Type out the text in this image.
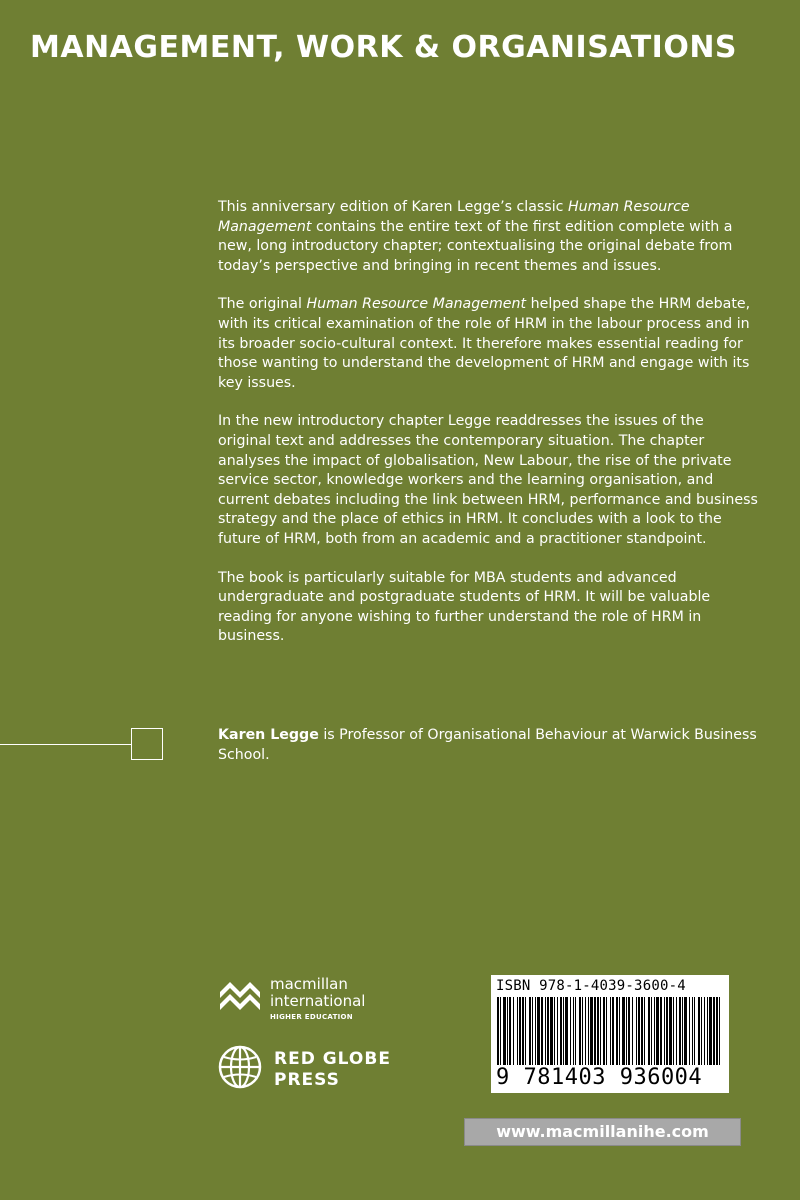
MANAGEMENT, WORK & ORGANISATIONS

This anniversary edition of Karen Legge’s classic Human Resource Management contains the entire text of the first edition complete with a new, long introductory chapter; contextualising the original debate from today’s perspective and bringing in recent themes and issues.

The original Human Resource Management helped shape the HRM debate, with its critical examination of the role of HRM in the labour process and in its broader socio-cultural context. It therefore makes essential reading for those wanting to understand the development of HRM and engage with its key issues.

In the new introductory chapter Legge readdresses the issues of the original text and addresses the contemporary situation. The chapter analyses the impact of globalisation, New Labour, the rise of the private service sector, knowledge workers and the learning organisation, and current debates including the link between HRM, performance and business strategy and the place of ethics in HRM. It concludes with a look to the future of HRM, both from an academic and a practitioner standpoint.

The book is particularly suitable for MBA students and advanced undergraduate and postgraduate students of HRM. It will be valuable reading for anyone wishing to further understand the role of HRM in business.

Karen Legge is Professor of Organisational Behaviour at Warwick Business School.
macmillan
international
HIGHER EDUCATION
RED GLOBE
PRESS
ISBN 978-1-4039-3600-4
9 781403 936004
www.macmillanihe.com
